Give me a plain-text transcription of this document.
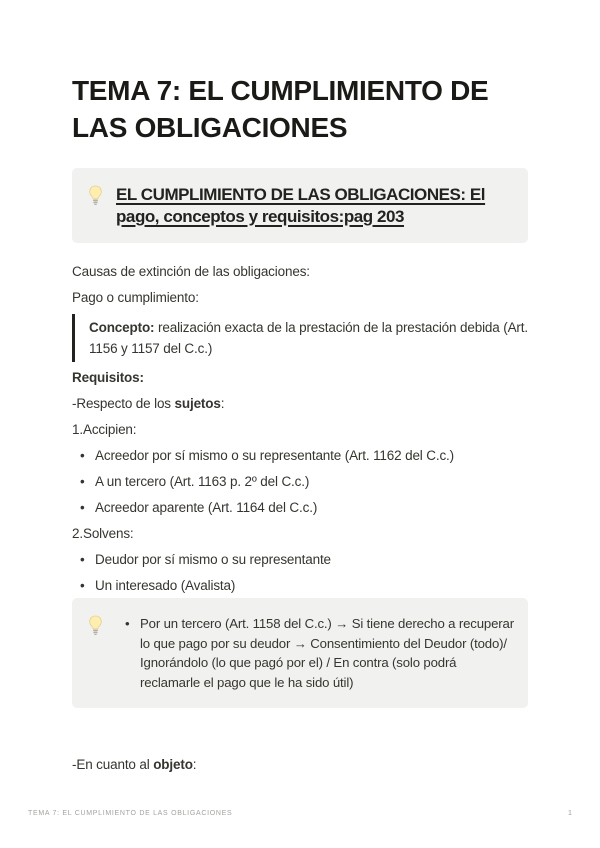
TEMA 7: EL CUMPLIMIENTO DE
LAS OBLIGACIONES
EL CUMPLIMIENTO DE LAS OBLIGACIONES: El
pago, conceptos y requisitos:pag 203

Causas de extinción de las obligaciones:

Pago o cumplimiento:

Concepto: realización exacta de la prestación de la prestación debida (Art. 1156 y 1157 del C.c.)

Requisitos:

-Respecto de los sujetos:

1.Accipien:

• Acreedor por sí mismo o su representante (Art. 1162 del C.c.)
• A un tercero (Art. 1163 p. 2º del C.c.)
• Acreedor aparente (Art. 1164 del C.c.)

2.Solvens:

• Deudor por sí mismo o su representante
• Un interesado (Avalista)
• Por un tercero (Art. 1158 del C.c.) → Si tiene derecho a recuperar lo que pago por su deudor → Consentimiento del Deudor (todo)/ Ignorándolo (lo que pagó por el) / En contra (solo podrá reclamarle el pago que le ha sido útil)

-En cuanto al objeto:

TEMA 7: EL CUMPLIMIENTO DE LAS OBLIGACIONES	1
